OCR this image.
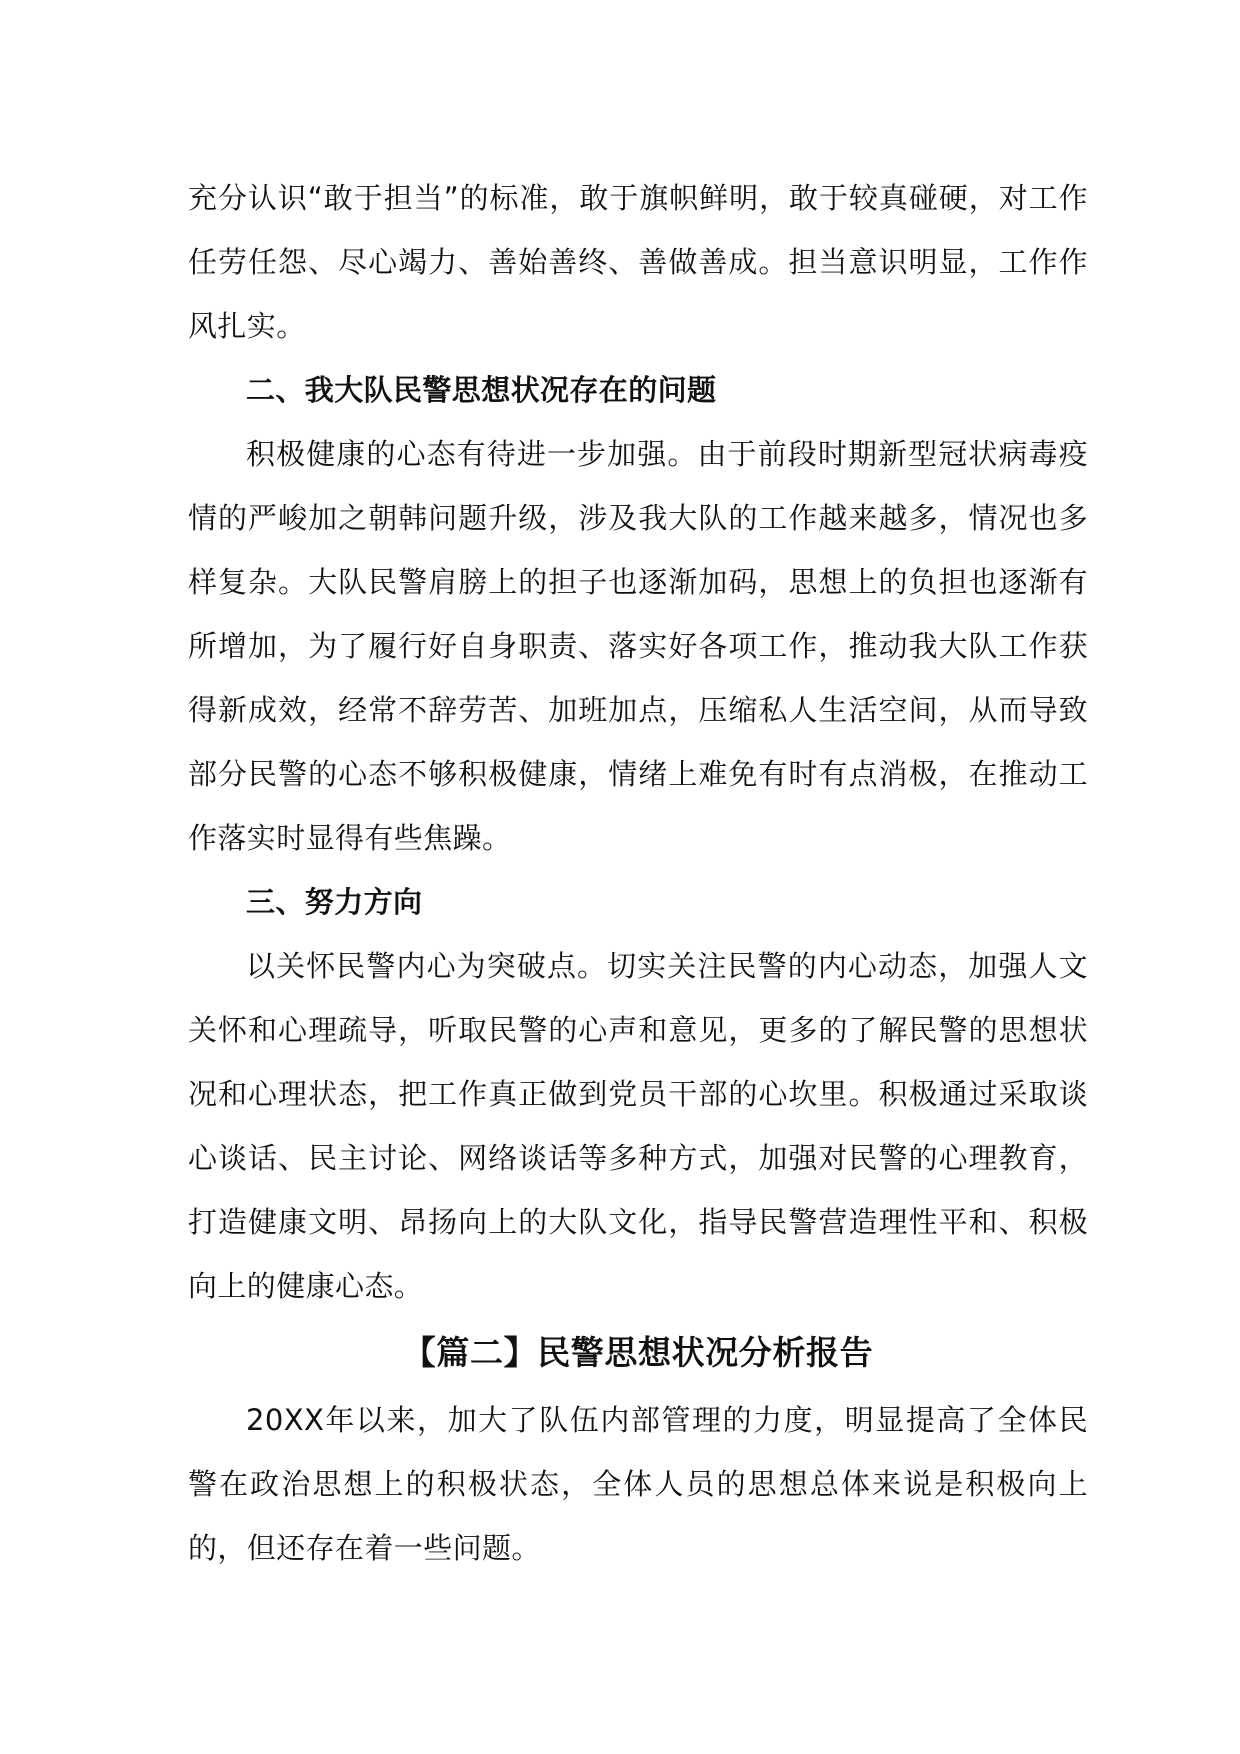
充分认识“敢于担当”的标准，敢于旗帜鲜明，敢于较真碰硬，对工作任劳任怨、尽心竭力、善始善终、善做善成。担当意识明显，工作作风扎实。

二、我大队民警思想状况存在的问题

积极健康的心态有待进一步加强。由于前段时期新型冠状病毒疫情的严峻加之朝韩问题升级，涉及我大队的工作越来越多，情况也多样复杂。大队民警肩膀上的担子也逐渐加码，思想上的负担也逐渐有所增加，为了履行好自身职责、落实好各项工作，推动我大队工作获得新成效，经常不辞劳苦、加班加点，压缩私人生活空间，从而导致部分民警的心态不够积极健康，情绪上难免有时有点消极，在推动工作落实时显得有些焦躁。

三、努力方向

以关怀民警内心为突破点。切实关注民警的内心动态，加强人文关怀和心理疏导，听取民警的心声和意见，更多的了解民警的思想状况和心理状态，把工作真正做到党员干部的心坎里。积极通过采取谈心谈话、民主讨论、网络谈话等多种方式，加强对民警的心理教育，打造健康文明、昂扬向上的大队文化，指导民警营造理性平和、积极向上的健康心态。

【篇二】民警思想状况分析报告

20XX年以来，加大了队伍内部管理的力度，明显提高了全体民警在政治思想上的积极状态，全体人员的思想总体来说是积极向上的，但还存在着一些问题。
